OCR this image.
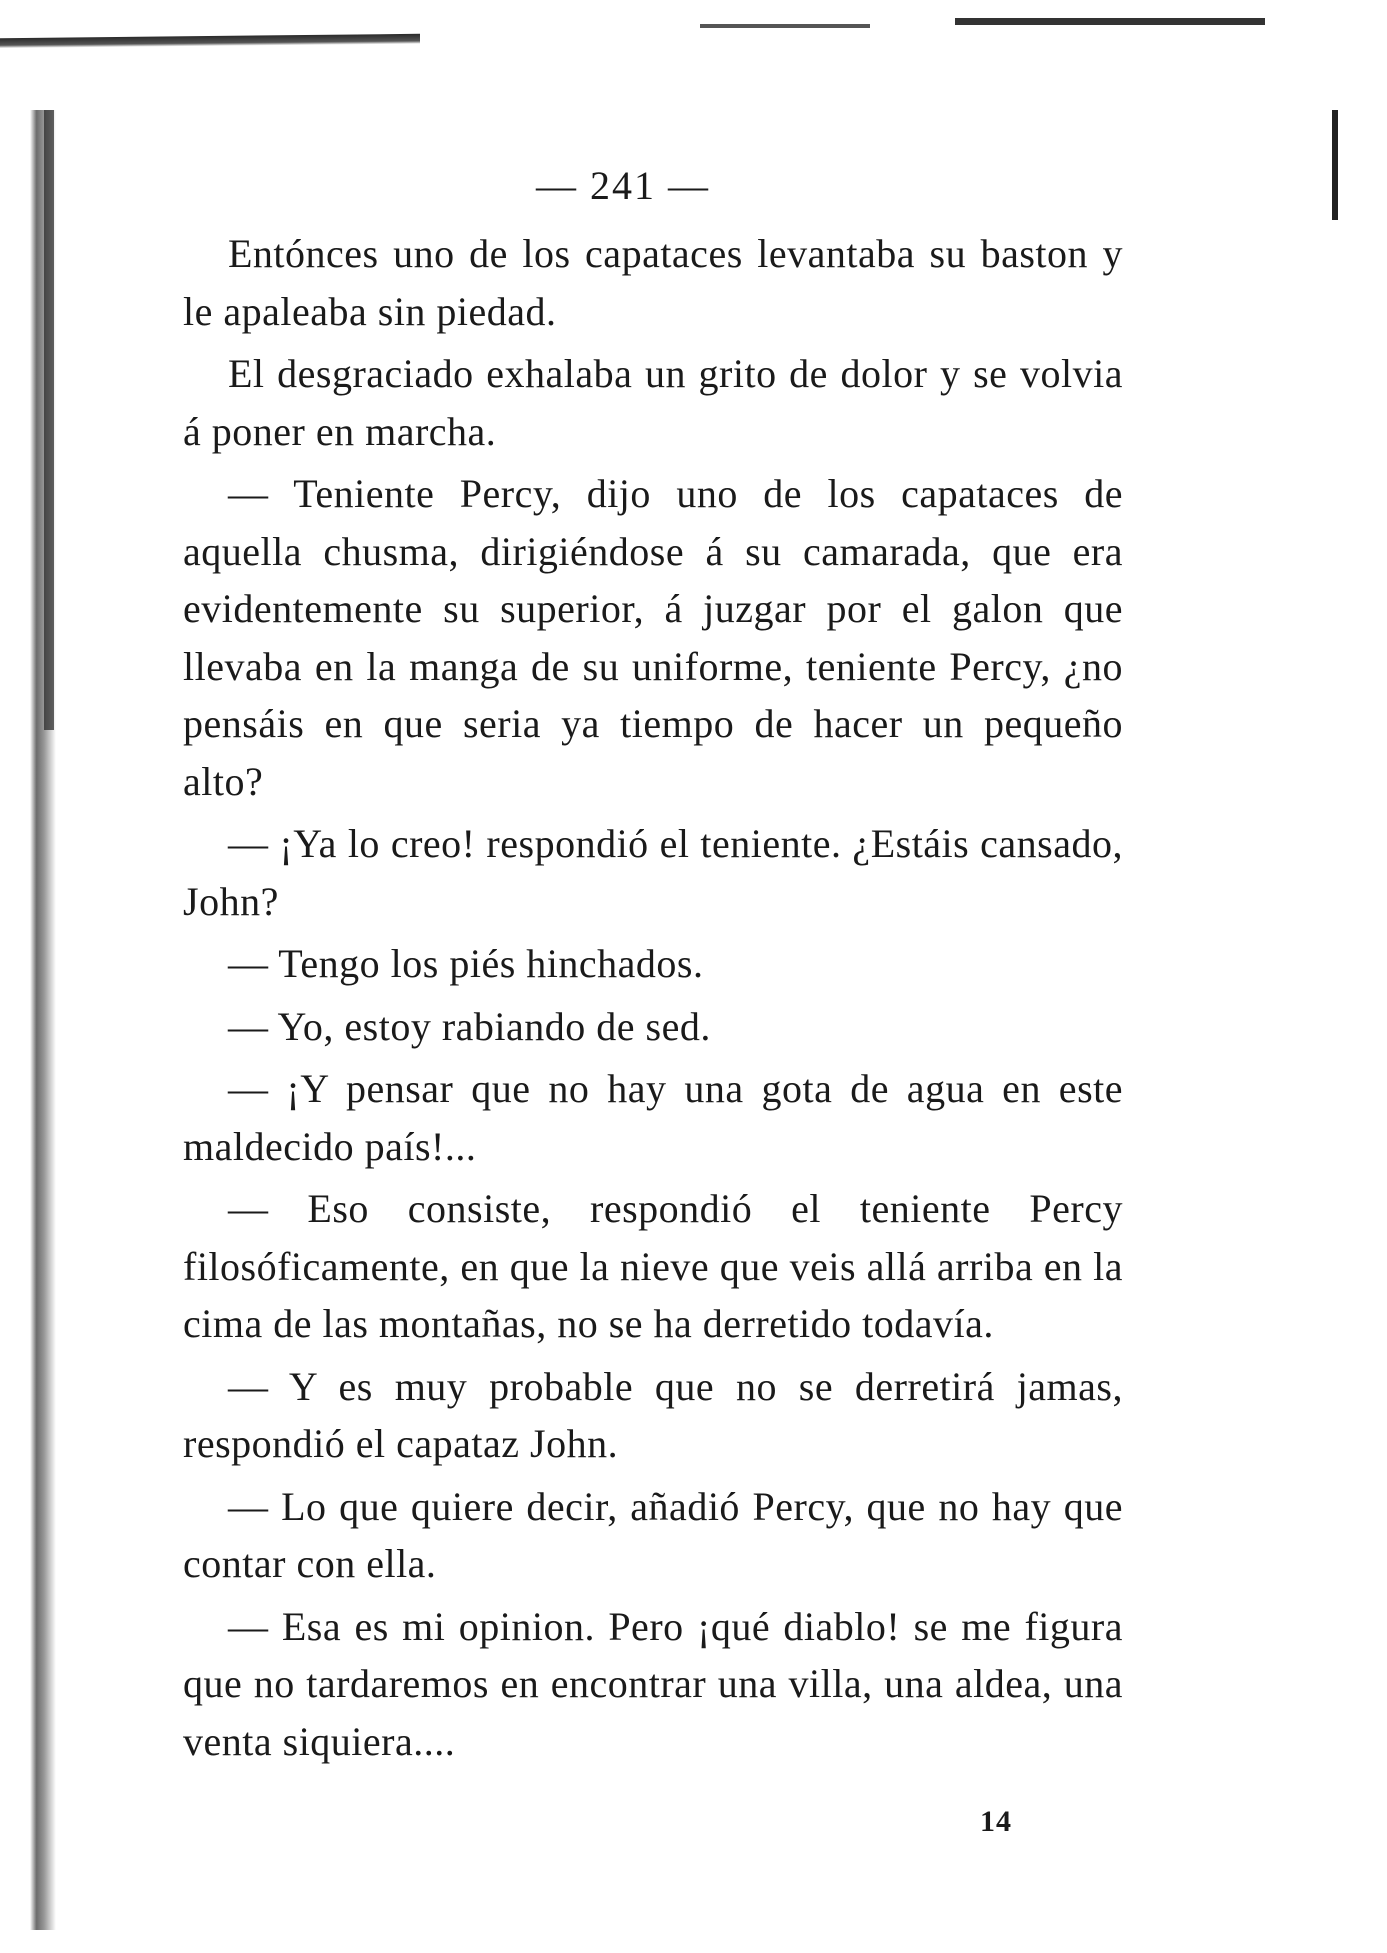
— 241 —

Entónces uno de los capataces levantaba su baston y le apaleaba sin piedad.

El desgraciado exhalaba un grito de dolor y se volvia á poner en marcha.

— Teniente Percy, dijo uno de los capataces de aquella chusma, dirigiéndose á su camarada, que era evidentemente su superior, á juzgar por el galon que llevaba en la manga de su uniforme, teniente Percy, ¿no pensáis en que seria ya tiempo de hacer un pequeño alto?

— ¡Ya lo creo! respondió el teniente. ¿Estáis cansado, John?

— Tengo los piés hinchados.

— Yo, estoy rabiando de sed.

— ¡Y pensar que no hay una gota de agua en este maldecido país!...

— Eso consiste, respondió el teniente Percy filosóficamente, en que la nieve que veis allá arriba en la cima de las montañas, no se ha derretido todavía.

— Y es muy probable que no se derretirá jamas, respondió el capataz John.

— Lo que quiere decir, añadió Percy, que no hay que contar con ella.

— Esa es mi opinion. Pero ¡qué diablo! se me figura que no tardaremos en encontrar una villa, una aldea, una venta siquiera....

14
